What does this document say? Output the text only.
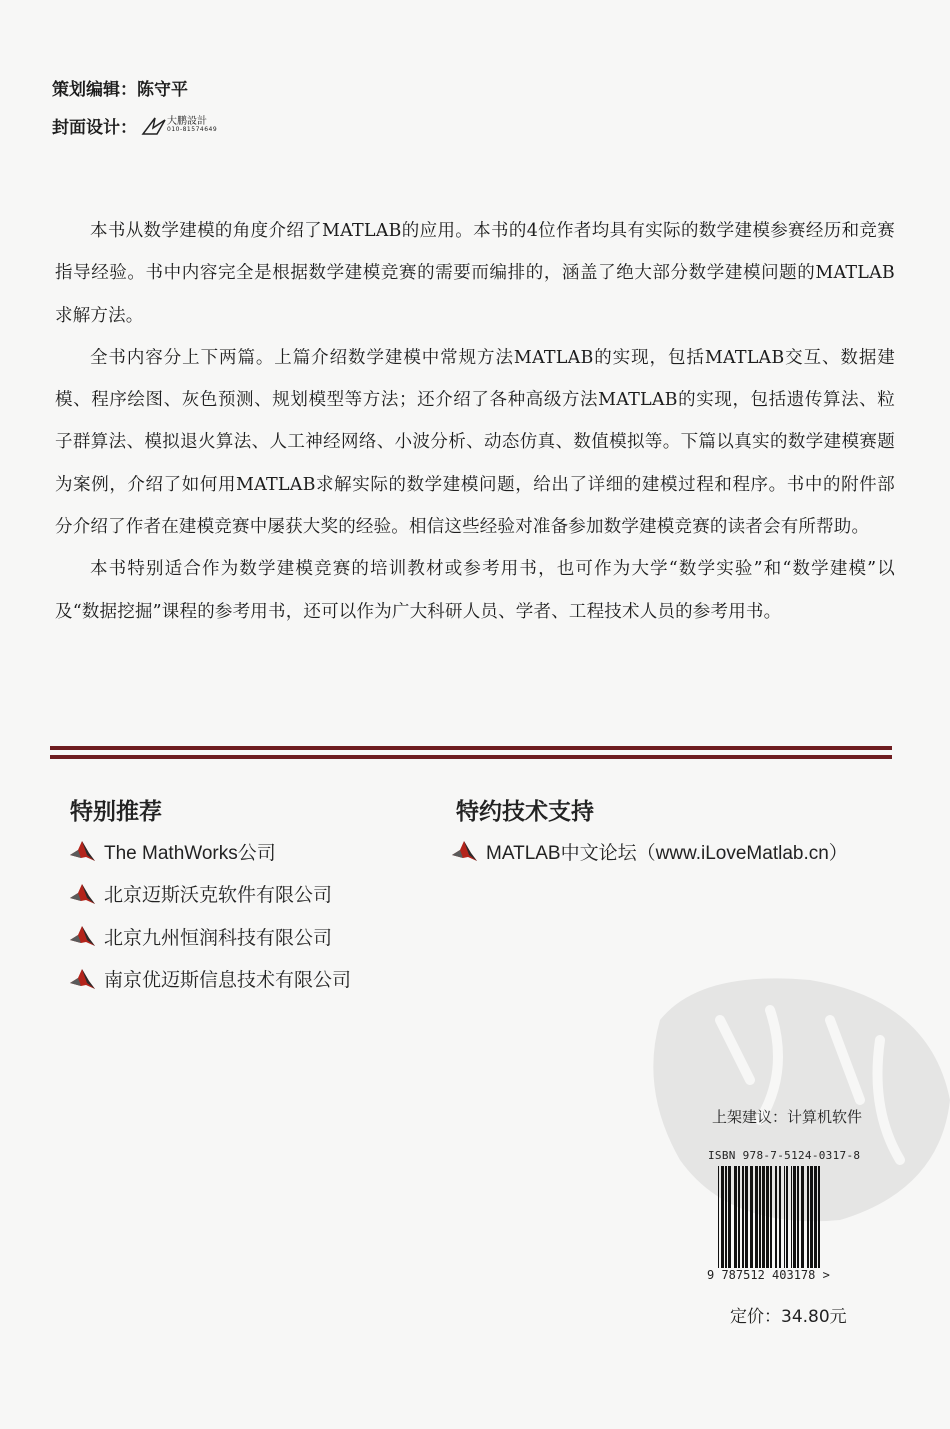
策划编辑： 陈守平
封面设计：	大鹏設計
010-81574649

本书从数学建模的角度介绍了MATLAB的应用。本书的4位作者均具有实际的数学建模参赛经历和竞赛指导经验。书中内容完全是根据数学建模竞赛的需要而编排的，涵盖了绝大部分数学建模问题的MATLAB求解方法。

全书内容分上下两篇。上篇介绍数学建模中常规方法MATLAB的实现，包括MATLAB交互、数据建模、程序绘图、灰色预测、规划模型等方法；还介绍了各种高级方法MATLAB的实现，包括遗传算法、粒子群算法、模拟退火算法、人工神经网络、小波分析、动态仿真、数值模拟等。下篇以真实的数学建模赛题为案例，介绍了如何用MATLAB求解实际的数学建模问题，给出了详细的建模过程和程序。书中的附件部分介绍了作者在建模竞赛中屡获大奖的经验。相信这些经验对准备参加数学建模竞赛的读者会有所帮助。

本书特别适合作为数学建模竞赛的培训教材或参考用书，也可作为大学“数学实验”和“数学建模”以及“数据挖掘”课程的参考用书，还可以作为广大科研人员、学者、工程技术人员的参考用书。

特别推荐
The MathWorks公司
北京迈斯沃克软件有限公司
北京九州恒润科技有限公司
南京优迈斯信息技术有限公司
特约技术支持
MATLAB中文论坛（www.iLoveMatlab.cn）
上架建议：计算机软件
ISBN 978-7-5124-0317-8
9 787512 403178 >
定价：34.80元
